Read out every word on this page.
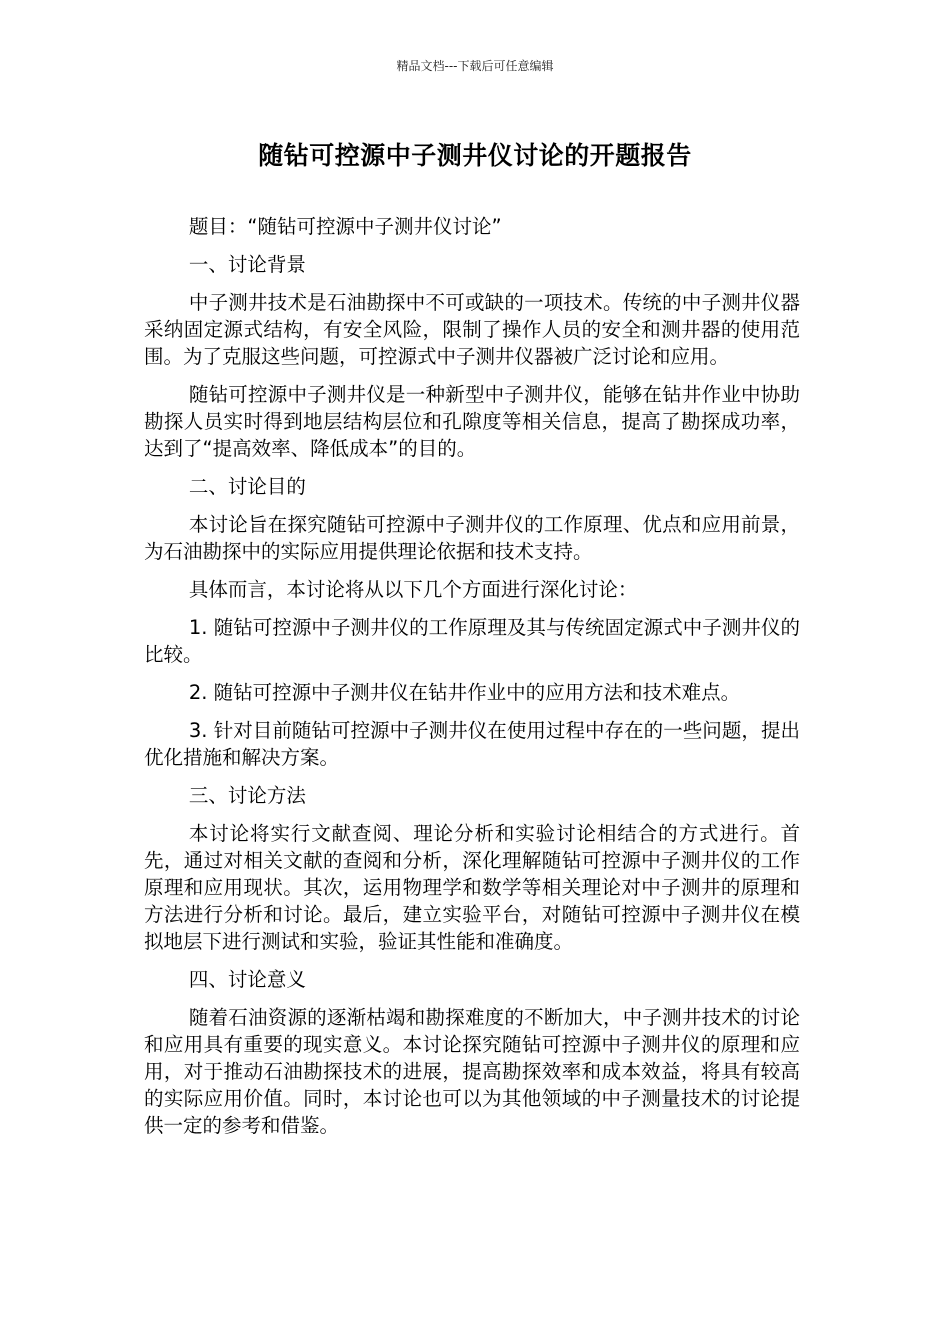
精品文档---下载后可任意编辑
随钻可控源中子测井仪讨论的开题报告

题目：“随钻可控源中子测井仪讨论”

一、讨论背景

中子测井技术是石油勘探中不可或缺的一项技术。传统的中子测井仪器采纳固定源式结构，有安全风险，限制了操作人员的安全和测井器的使用范围。为了克服这些问题，可控源式中子测井仪器被广泛讨论和应用。

随钻可控源中子测井仪是一种新型中子测井仪，能够在钻井作业中协助勘探人员实时得到地层结构层位和孔隙度等相关信息，提高了勘探成功率，达到了“提高效率、降低成本”的目的。

二、讨论目的

本讨论旨在探究随钻可控源中子测井仪的工作原理、优点和应用前景，为石油勘探中的实际应用提供理论依据和技术支持。

具体而言，本讨论将从以下几个方面进行深化讨论：

1. 随钻可控源中子测井仪的工作原理及其与传统固定源式中子测井仪的比较。

2. 随钻可控源中子测井仪在钻井作业中的应用方法和技术难点。

3. 针对目前随钻可控源中子测井仪在使用过程中存在的一些问题，提出优化措施和解决方案。

三、讨论方法

本讨论将实行文献查阅、理论分析和实验讨论相结合的方式进行。首先，通过对相关文献的查阅和分析，深化理解随钻可控源中子测井仪的工作原理和应用现状。其次，运用物理学和数学等相关理论对中子测井的原理和方法进行分析和讨论。最后，建立实验平台，对随钻可控源中子测井仪在模拟地层下进行测试和实验，验证其性能和准确度。

四、讨论意义

随着石油资源的逐渐枯竭和勘探难度的不断加大，中子测井技术的讨论和应用具有重要的现实意义。本讨论探究随钻可控源中子测井仪的原理和应用，对于推动石油勘探技术的进展，提高勘探效率和成本效益，将具有较高的实际应用价值。同时，本讨论也可以为其他领域的中子测量技术的讨论提供一定的参考和借鉴。
